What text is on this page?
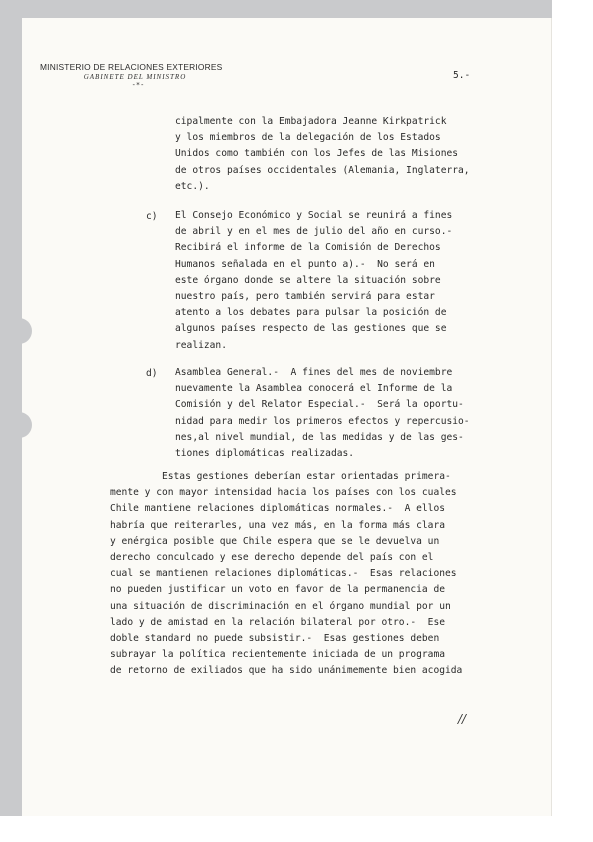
MINISTERIO DE RELACIONES EXTERIORES
GABINETE DEL MINISTRO
-*-
5.-
cipalmente con la Embajadora Jeanne Kirkpatrick
y los miembros de la delegación de los Estados
Unidos como también con los Jefes de las Misiones
de otros países occidentales (Alemania, Inglaterra,
etc.).
c) El Consejo Económico y Social se reunirá a fines
de abril y en el mes de julio del año en curso.-
Recibirá el informe de la Comisión de Derechos
Humanos señalada en el punto a).-  No será en
este órgano donde se altere la situación sobre
nuestro país, pero también servirá para estar
atento a los debates para pulsar la posición de
algunos países respecto de las gestiones que se
realizan.
d) Asamblea General.-  A fines del mes de noviembre
nuevamente la Asamblea conocerá el Informe de la
Comisión y del Relator Especial.-  Será la oportu-
nidad para medir los primeros efectos y repercusio-
nes,al nivel mundial, de las medidas y de las ges-
tiones diplomáticas realizadas.
Estas gestiones deberían estar orientadas primera-
mente y con mayor intensidad hacia los países con los cuales
Chile mantiene relaciones diplomáticas normales.-  A ellos
habría que reiterarles, una vez más, en la forma más clara
y enérgica posible que Chile espera que se le devuelva un
derecho conculcado y ese derecho depende del país con el
cual se mantienen relaciones diplomáticas.-  Esas relaciones
no pueden justificar un voto en favor de la permanencia de
una situación de discriminación en el órgano mundial por un
lado y de amistad en la relación bilateral por otro.-  Ese
doble standard no puede subsistir.-  Esas gestiones deben
subrayar la política recientemente iniciada de un programa
de retorno de exiliados que ha sido unánimemente bien acogida
//
